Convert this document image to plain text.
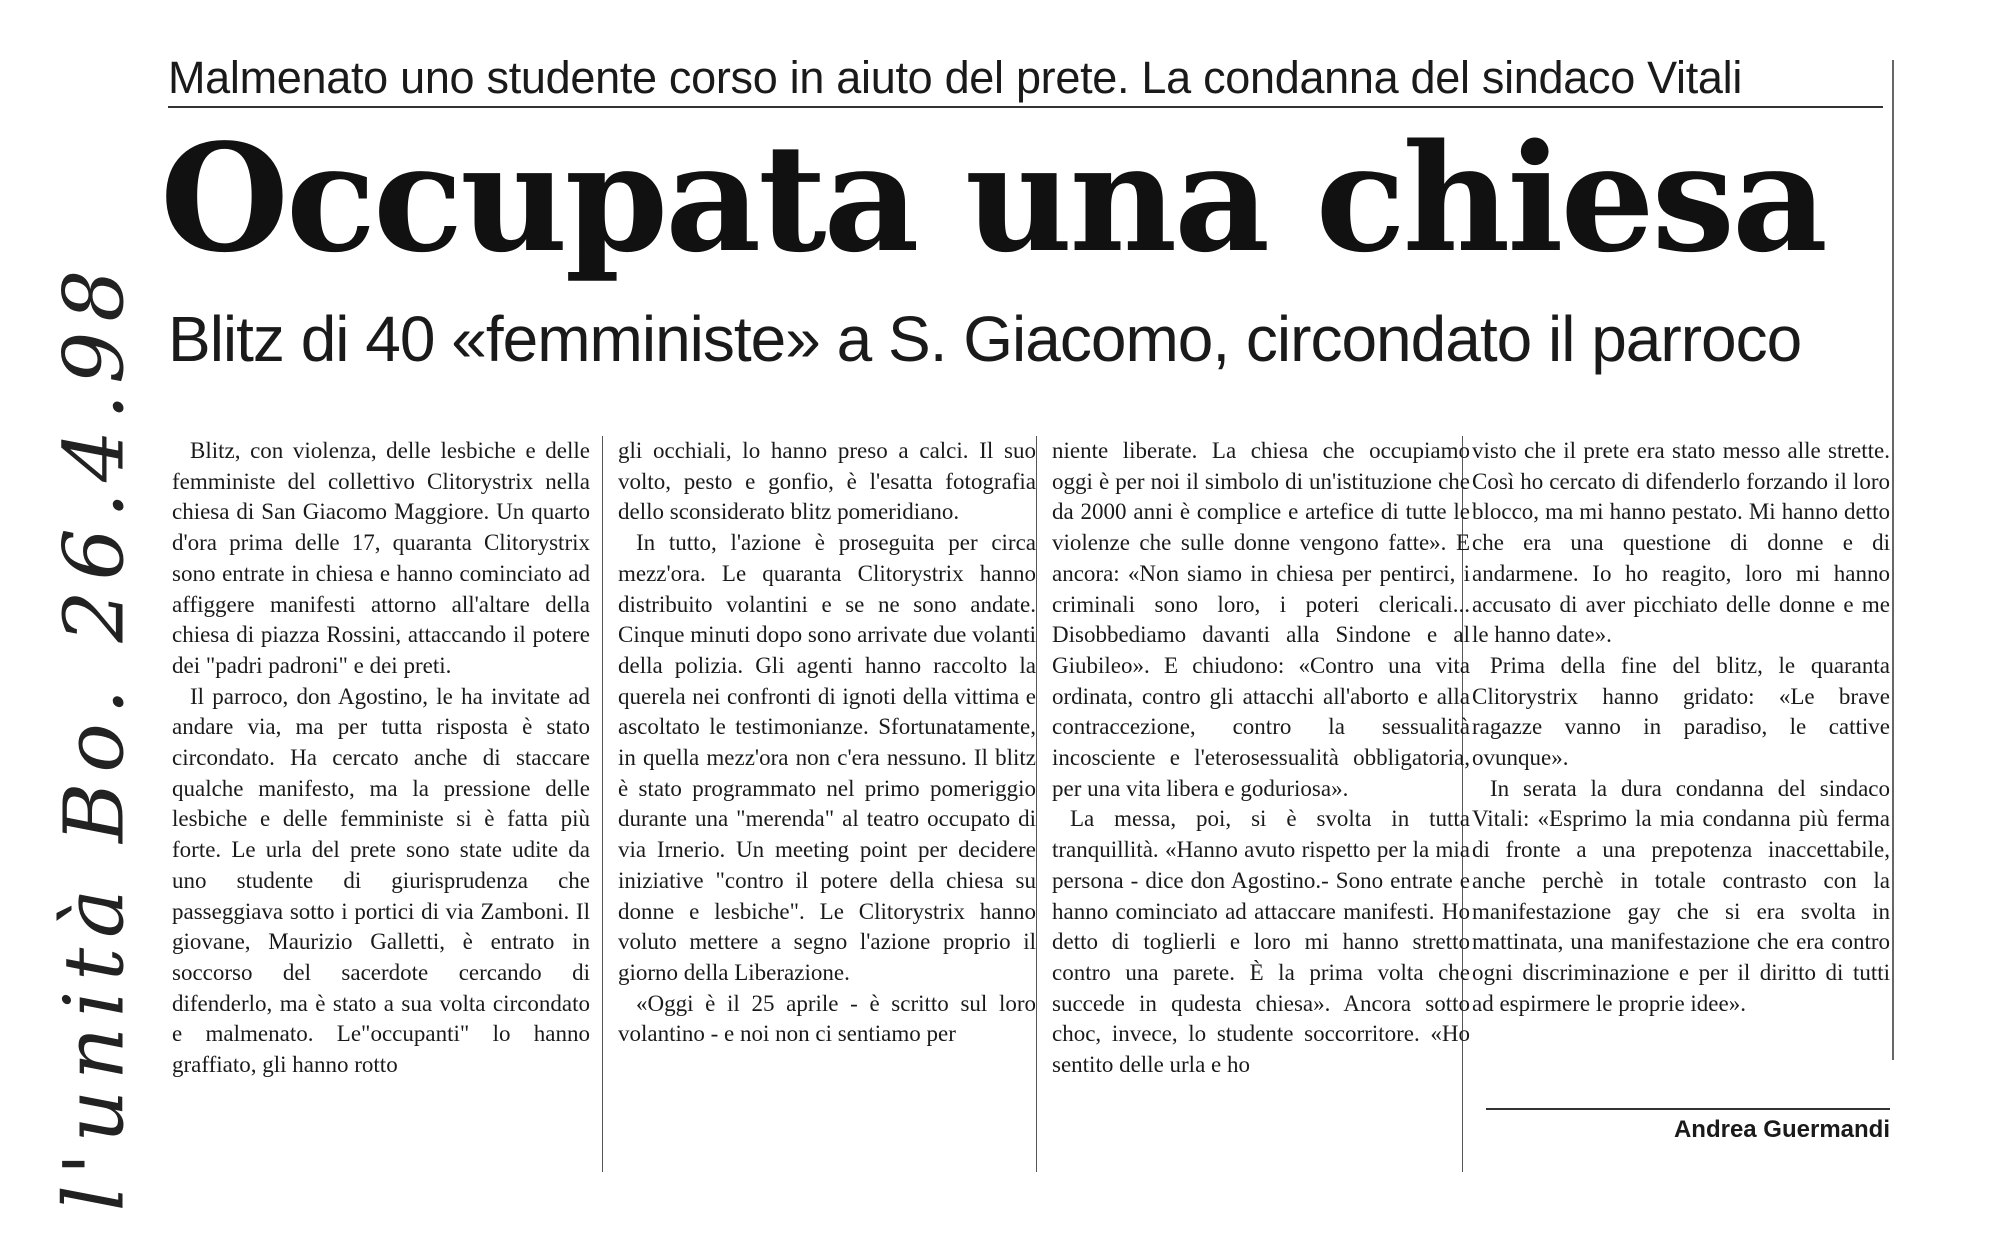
l'unità Bo. 26.4.98
Malmenato uno studente corso in aiuto del prete. La condanna del sindaco Vitali
Occupata una chiesa
Blitz di 40 «femministe» a S. Giacomo, circondato il parroco

Blitz, con violenza, delle lesbiche e delle femministe del collettivo Clitorystrix nella chiesa di San Giacomo Maggiore. Un quarto d'ora prima delle 17, quaranta Clitorystrix sono entrate in chiesa e hanno cominciato ad affiggere manifesti attorno all'altare della chiesa di piazza Rossini, attaccando il potere dei "padri padroni" e dei preti.

Il parroco, don Agostino, le ha invitate ad andare via, ma per tutta risposta è stato circondato. Ha cercato anche di staccare qualche manifesto, ma la pressione delle lesbiche e delle femministe si è fatta più forte. Le urla del prete sono state udite da uno studente di giurisprudenza che passeggiava sotto i portici di via Zamboni. Il giovane, Maurizio Galletti, è entrato in soccorso del sacerdote cercando di difenderlo, ma è stato a sua volta circondato e malmenato. Le"occupanti" lo hanno graffiato, gli hanno rotto

gli occhiali, lo hanno preso a calci. Il suo volto, pesto e gonfio, è l'esatta fotografia dello sconsiderato blitz pomeridiano.

In tutto, l'azione è proseguita per circa mezz'ora. Le quaranta Clitorystrix hanno distribuito volantini e se ne sono andate. Cinque minuti dopo sono arrivate due volanti della polizia. Gli agenti hanno raccolto la querela nei confronti di ignoti della vittima e ascoltato le testimonianze. Sfortunatamente, in quella mezz'ora non c'era nessuno. Il blitz è stato programmato nel primo pomeriggio durante una "merenda" al teatro occupato di via Irnerio. Un meeting point per decidere iniziative "contro il potere della chiesa su donne e lesbiche". Le Clitorystrix hanno voluto mettere a segno l'azione proprio il giorno della Liberazione.

«Oggi è il 25 aprile - è scritto sul loro volantino - e noi non ci sentiamo per

niente liberate. La chiesa che occupiamo oggi è per noi il simbolo di un'istituzione che da 2000 anni è complice e artefice di tutte le violenze che sulle donne vengono fatte». E ancora: «Non siamo in chiesa per pentirci, i criminali sono loro, i poteri clericali... Disobbediamo davanti alla Sindone e al Giubileo». E chiudono: «Contro una vita ordinata, contro gli attacchi all'aborto e alla contraccezione, contro la sessualità incosciente e l'eterosessualità obbligatoria, per una vita libera e goduriosa».

La messa, poi, si è svolta in tutta tranquillità. «Hanno avuto rispetto per la mia persona - dice don Agostino.- Sono entrate e hanno cominciato ad attaccare manifesti. Ho detto di toglierli e loro mi hanno stretto contro una parete. È la prima volta che succede in qudesta chiesa». Ancora sotto choc, invece, lo studente soccorritore. «Ho sentito delle urla e ho

visto che il prete era stato messo alle strette. Così ho cercato di difenderlo forzando il loro blocco, ma mi hanno pestato. Mi hanno detto che era una questione di donne e di andarmene. Io ho reagito, loro mi hanno accusato di aver picchiato delle donne e me le hanno date».

Prima della fine del blitz, le quaranta Clitorystrix hanno gridato: «Le brave ragazze vanno in paradiso, le cattive ovunque».

In serata la dura condanna del sindaco Vitali: «Esprimo la mia condanna più ferma di fronte a una prepotenza inaccettabile, anche perchè in totale contrasto con la manifestazione gay che si era svolta in mattinata, una manifestazione che era contro ogni discriminazione e per il diritto di tutti ad espirmere le proprie idee».

Andrea Guermandi
